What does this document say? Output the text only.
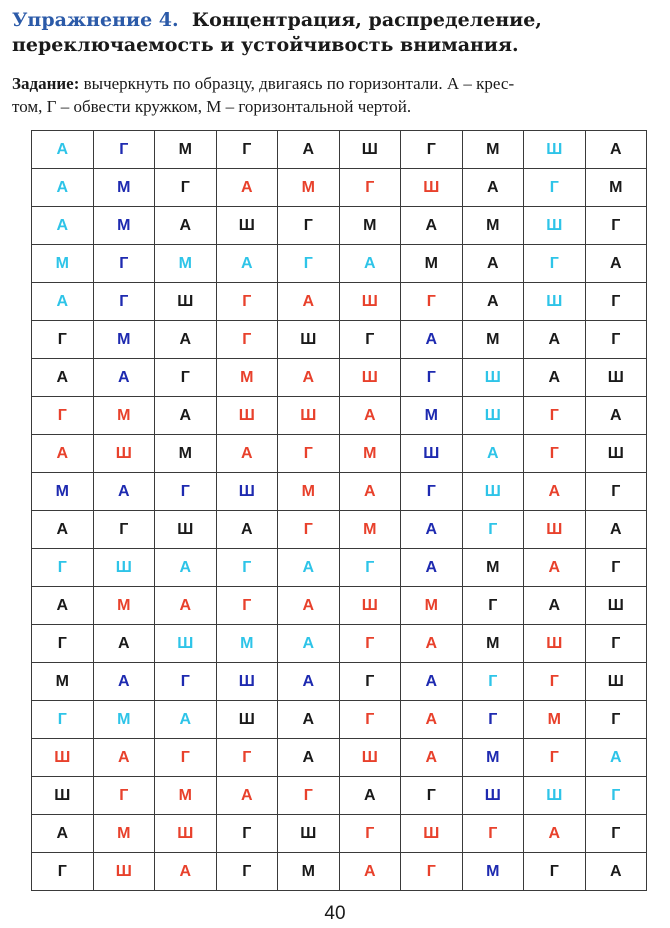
Упражнение 4. Концентрация, распределение,
переключаемость и устойчивость внимания.
Задание: вычеркнуть по образцу, двигаясь по горизонтали. А – крес-
том, Г – обвести кружком, М – горизонтальной чертой.
А	Г	М	Г	А	Ш	Г	М	Ш	А
А	М	Г	А	М	Г	Ш	А	Г	М
А	М	А	Ш	Г	М	А	М	Ш	Г
М	Г	М	А	Г	А	М	А	Г	А
А	Г	Ш	Г	А	Ш	Г	А	Ш	Г
Г	М	А	Г	Ш	Г	А	М	А	Г
А	А	Г	М	А	Ш	Г	Ш	А	Ш
Г	М	А	Ш	Ш	А	М	Ш	Г	А
А	Ш	М	А	Г	М	Ш	А	Г	Ш
М	А	Г	Ш	М	А	Г	Ш	А	Г
А	Г	Ш	А	Г	М	А	Г	Ш	А
Г	Ш	А	Г	А	Г	А	М	А	Г
А	М	А	Г	А	Ш	М	Г	А	Ш
Г	А	Ш	М	А	Г	А	М	Ш	Г
М	А	Г	Ш	А	Г	А	Г	Г	Ш
Г	М	А	Ш	А	Г	А	Г	М	Г
Ш	А	Г	Г	А	Ш	А	М	Г	А
Ш	Г	М	А	Г	А	Г	Ш	Ш	Г
А	М	Ш	Г	Ш	Г	Ш	Г	А	Г
Г	Ш	А	Г	М	А	Г	М	Г	А
40
